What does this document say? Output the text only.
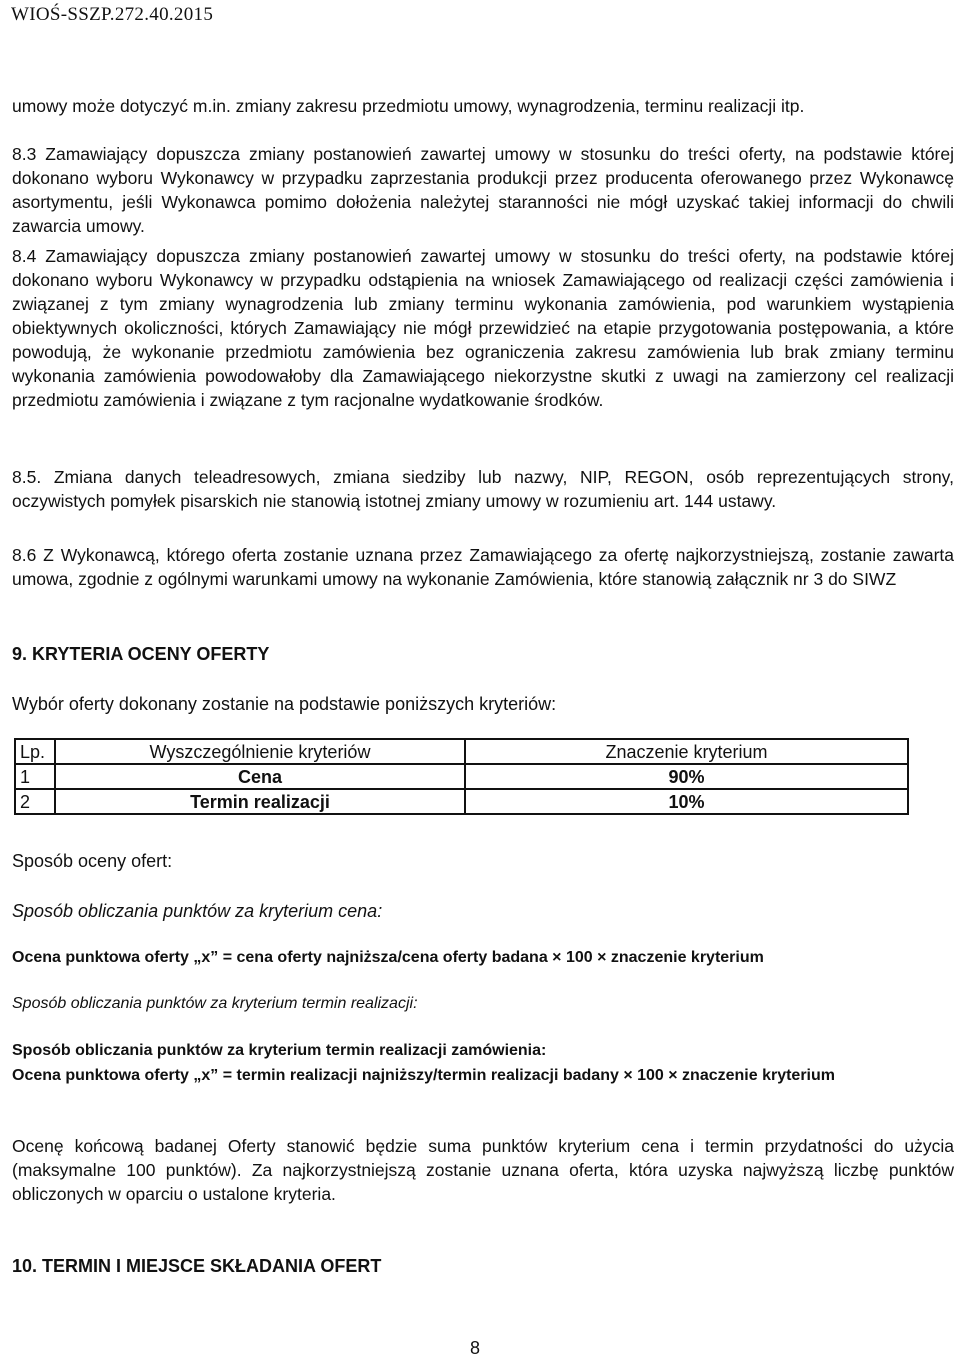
WIOŚ-SSZP.272.40.2015

umowy może dotyczyć m.in. zmiany zakresu przedmiotu umowy, wynagrodzenia, terminu realizacji itp.

8.3 Zamawiający dopuszcza zmiany postanowień zawartej umowy w stosunku do treści oferty, na podstawie której dokonano wyboru Wykonawcy w przypadku zaprzestania produkcji przez producenta oferowanego przez Wykonawcę asortymentu, jeśli Wykonawca pomimo dołożenia należytej staranności nie mógł uzyskać takiej informacji do chwili zawarcia umowy.

8.4 Zamawiający dopuszcza zmiany postanowień zawartej umowy w stosunku do treści oferty, na podstawie której dokonano wyboru Wykonawcy w przypadku odstąpienia na wniosek Zamawiającego od realizacji części zamówienia i związanej z tym zmiany wynagrodzenia lub zmiany terminu wykonania zamówienia, pod warunkiem wystąpienia obiektywnych okoliczności, których Zamawiający nie mógł przewidzieć na etapie przygotowania postępowania, a które powodują, że wykonanie przedmiotu zamówienia bez ograniczenia zakresu zamówienia lub brak zmiany terminu wykonania zamówienia powodowałoby dla Zamawiającego niekorzystne skutki z uwagi na zamierzony cel realizacji przedmiotu zamówienia i związane z tym racjonalne wydatkowanie środków.

8.5. Zmiana danych teleadresowych, zmiana siedziby lub nazwy, NIP, REGON, osób reprezentujących strony, oczywistych pomyłek pisarskich nie stanowią istotnej zmiany umowy w rozumieniu art. 144 ustawy.

8.6 Z Wykonawcą, którego oferta zostanie uznana przez Zamawiającego za ofertę najkorzystniejszą, zostanie zawarta umowa, zgodnie z ogólnymi warunkami umowy na wykonanie Zamówienia, które stanowią załącznik nr 3 do SIWZ

9. KRYTERIA OCENY OFERTY
Wybór oferty dokonany zostanie na podstawie poniższych kryteriów:
Lp.	Wyszczególnienie kryteriów	Znaczenie kryterium
1	Cena	90%
2	Termin realizacji	10%
Sposób oceny ofert:
Sposób obliczania punktów za kryterium cena:
Ocena punktowa oferty „x” = cena oferty najniższa/cena oferty badana × 100 × znaczenie kryterium
Sposób obliczania punktów za kryterium termin realizacji:
Sposób obliczania punktów za kryterium termin realizacji zamówienia:

Ocena punktowa oferty „x” = termin realizacji najniższy/termin realizacji badany × 100 × znaczenie kryterium

Ocenę końcową badanej Oferty stanowić będzie suma punktów kryterium cena i termin przydatności do użycia (maksymalne 100 punktów). Za najkorzystniejszą zostanie uznana oferta, która uzyska najwyższą liczbę punktów obliczonych w oparciu o ustalone kryteria.

10. TERMIN I MIEJSCE SKŁADANIA OFERT
8
